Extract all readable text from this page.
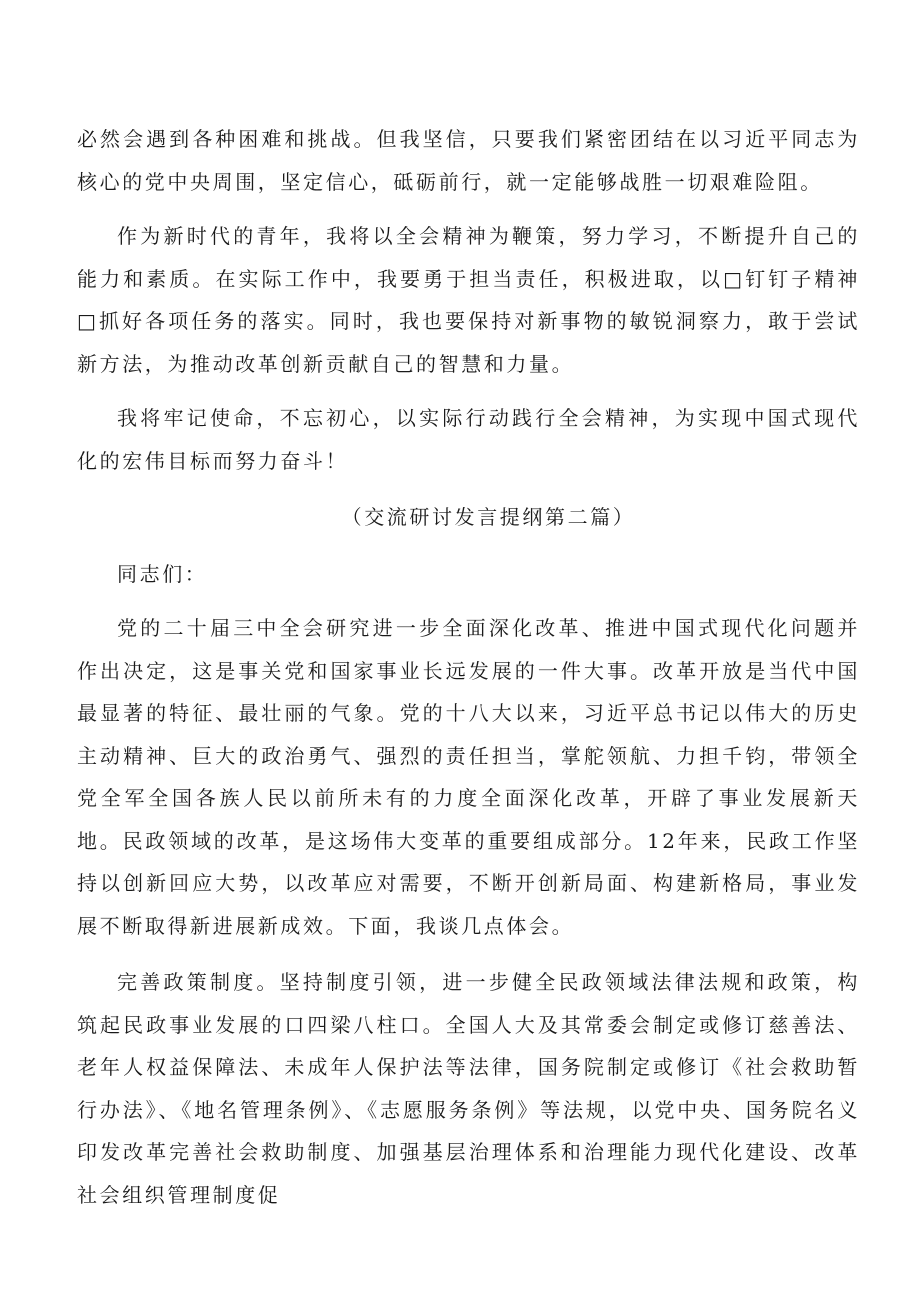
必然会遇到各种困难和挑战。但我坚信，只要我们紧密团结在以习近平同志为核心的党中央周围，坚定信心，砥砺前行，就一定能够战胜一切艰难险阻。

作为新时代的青年，我将以全会精神为鞭策，努力学习，不断提升自己的能力和素质。在实际工作中，我要勇于担当责任，积极进取，以□钉钉子精神□抓好各项任务的落实。同时，我也要保持对新事物的敏锐洞察力，敢于尝试新方法，为推动改革创新贡献自己的智慧和力量。

我将牢记使命，不忘初心，以实际行动践行全会精神，为实现中国式现代化的宏伟目标而努力奋斗！

（交流研讨发言提纲第二篇）

同志们：

党的二十届三中全会研究进一步全面深化改革、推进中国式现代化问题并作出决定，这是事关党和国家事业长远发展的一件大事。改革开放是当代中国最显著的特征、最壮丽的气象。党的十八大以来，习近平总书记以伟大的历史主动精神、巨大的政治勇气、强烈的责任担当，掌舵领航、力担千钧，带领全党全军全国各族人民以前所未有的力度全面深化改革，开辟了事业发展新天地。民政领域的改革，是这场伟大变革的重要组成部分。12年来，民政工作坚持以创新回应大势，以改革应对需要，不断开创新局面、构建新格局，事业发展不断取得新进展新成效。下面，我谈几点体会。

完善政策制度。坚持制度引领，进一步健全民政领域法律法规和政策，构筑起民政事业发展的口四梁八柱口。全国人大及其常委会制定或修订慈善法、老年人权益保障法、未成年人保护法等法律，国务院制定或修订《社会救助暂行办法》、《地名管理条例》、《志愿服务条例》等法规，以党中央、国务院名义印发改革完善社会救助制度、加强基层治理体系和治理能力现代化建设、改革社会组织管理制度促
